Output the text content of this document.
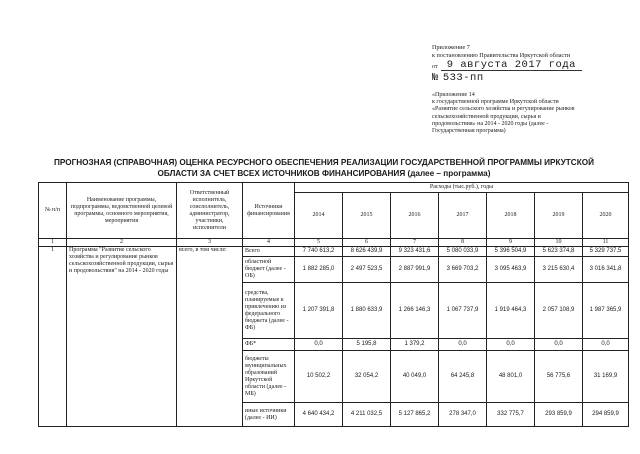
Приложение 7
к постановлению Правительства Иркутской области
от 9 августа 2017 года
№ 533-пп
«Приложение 14
к государственной программе Иркутской области
«Развитие сельского хозяйства и регулирование рынков
сельскохозяйственной продукции, сырья и
продовольствия» на 2014 - 2020 годы (далее -
Государственная программа)
ПРОГНОЗНАЯ (СПРАВОЧНАЯ) ОЦЕНКА РЕСУРСНОГО ОБЕСПЕЧЕНИЯ РЕАЛИЗАЦИИ ГОСУДАРСТВЕННОЙ ПРОГРАММЫ ИРКУТСКОЙ
ОБЛАСТИ ЗА СЧЕТ ВСЕХ ИСТОЧНИКОВ ФИНАНСИРОВАНИЯ (далее – программа)
№ п/п	Наименование программы, подпрограммы, ведомственной целевой программы, основного мероприятия, мероприятия	Ответственный исполнитель, соисполнитель, администратор, участники, исполнители	Источники финансирования	Расходы (тыс.руб.), годы						
				2014	2015	2016	2017	2018	2019	2020
1	2	3	4	5	6	7	8	9	10	11
1	Программа "Развитие сельского хозяйства и регулирование рынков сельскохозяйственной продукции, сырья и продовольствия" на 2014 - 2020 годы	всего, в том числе:	Всего	7 740 613,2	8 626 439,9	9 323 431,6	5 080 033,9	5 396 504,9	5 623 374,8	5 329 737,5
			областной бюджет (далее - ОБ)	1 882 285,0	2 497 523,5	2 887 991,9	3 669 703,2	3 095 463,9	3 215 630,4	3 016 341,8
			средства, планируемые к привлечению из федерального бюджета (далее - ФБ)	1 207 391,8	1 880 633,9	1 266 146,3	1 067 737,9	1 919 464,3	2 057 108,9	1 987 365,9
			ФБ*	0,0	5 195,8	1 379,2	0,0	0,0	0,0	0,0
			бюджеты муниципальных образований Иркутской области (далее - МБ)	10 502,2	32 054,2	40 049,0	64 245,8	48 801,0	56 775,6	31 169,9
			иные источники (далее - ИИ)	4 640 434,2	4 211 032,5	5 127 865,2	278 347,0	332 775,7	293 859,9	294 859,9
